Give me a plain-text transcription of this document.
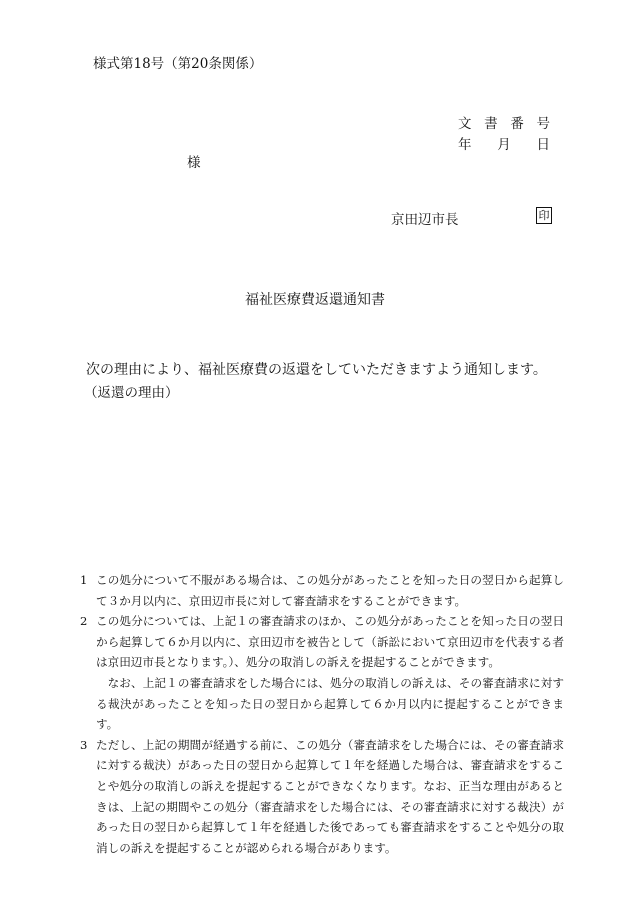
様式第18号（第20条関係）
文 書 番 号
年 月 日
様
京田辺市長	印
福祉医療費返還通知書
次の理由により、福祉医療費の返還をしていただきますよう通知します。
（返還の理由）
1 この処分について不服がある場合は、この処分があったことを知った日の翌日から起算して３か月以内に、京田辺市長に対して審査請求をすることができます。
2 この処分については、上記１の審査請求のほか、この処分があったことを知った日の翌日から起算して６か月以内に、京田辺市を被告として（訴訟において京田辺市を代表する者は京田辺市長となります。）、処分の取消しの訴えを提起することができます。
なお、上記１の審査請求をした場合には、処分の取消しの訴えは、その審査請求に対する裁決があったことを知った日の翌日から起算して６か月以内に提起することができます。
3 ただし、上記の期間が経過する前に、この処分（審査請求をした場合には、その審査請求に対する裁決）があった日の翌日から起算して１年を経過した場合は、審査請求をすることや処分の取消しの訴えを提起することができなくなります。なお、正当な理由があるときは、上記の期間やこの処分（審査請求をした場合には、その審査請求に対する裁決）があった日の翌日から起算して１年を経過した後であっても審査請求をすることや処分の取消しの訴えを提起することが認められる場合があります。
